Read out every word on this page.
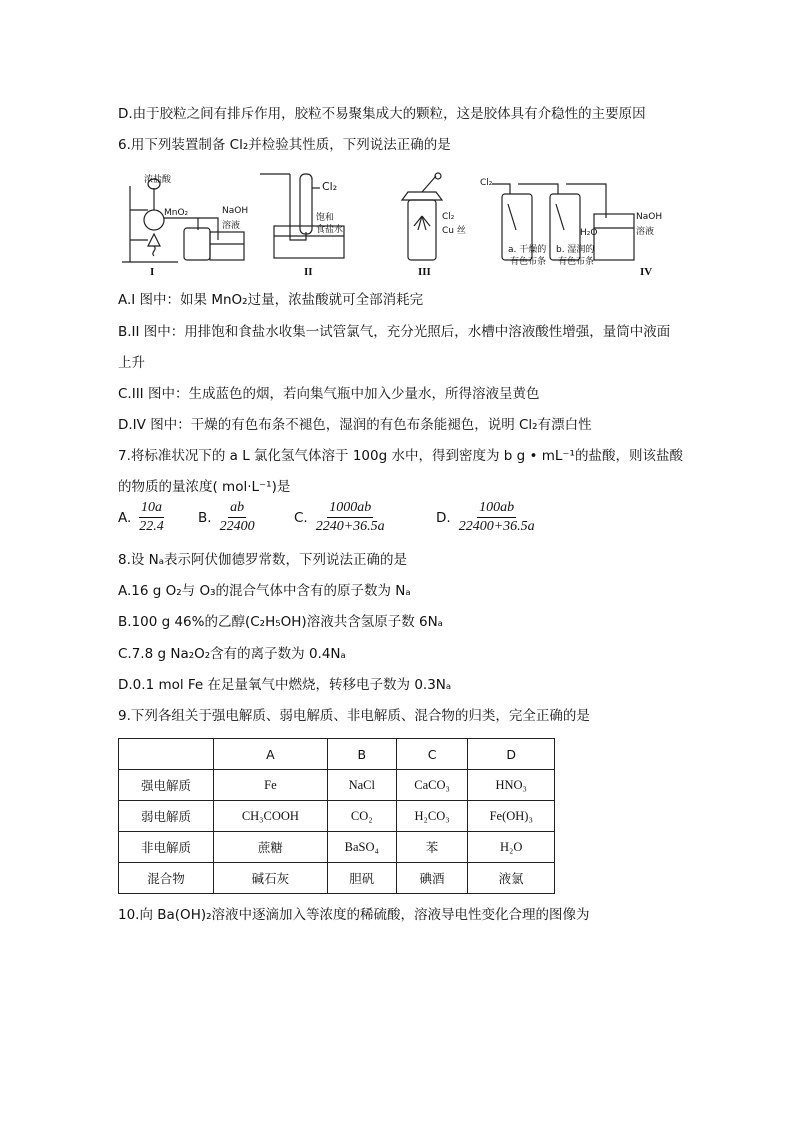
D.由于胶粒之间有排斥作用，胶粒不易聚集成大的颗粒，这是胶体具有介稳性的主要原因
6.用下列装置制备 Cl₂并检验其性质，下列说法正确的是
浓盐酸
MnO₂	NaOH
溶液
Cl₂
饱和
食盐水
Cl₂
Cu 丝
Cl₂
H₂O
NaOH
溶液
a. 干燥的 b. 湿润的
有色布条 有色布条
I	II	III	IV
A.I 图中：如果 MnO₂过量，浓盐酸就可全部消耗完
B.II 图中：用排饱和食盐水收集一试管氯气，充分光照后，水槽中溶液酸性增强，量筒中液面
上升
C.III 图中：生成蓝色的烟，若向集气瓶中加入少量水，所得溶液呈黄色
D.IV 图中：干燥的有色布条不褪色，湿润的有色布条能褪色，说明 Cl₂有漂白性
7.将标准状况下的 a L 氯化氢气体溶于 100g 水中，得到密度为 b g • mL⁻¹的盐酸，则该盐酸
的物质的量浓度( mol·L⁻¹)是
A. $\frac{10a}{22.4} B$. $\frac{ab}{22400}$	C. $\frac{1000ab}{2240+36.5a}$	D. $\frac{100ab}{22400+36.5a}$
8.设 Nₐ表示阿伏伽德罗常数，下列说法正确的是
A.16 g O₂与 O₃的混合气体中含有的原子数为 Nₐ
B.100 g 46%的乙醇(C₂H₅OH)溶液共含氢原子数 6Nₐ
C.7.8 g Na₂O₂含有的离子数为 0.4Nₐ
D.0.1 mol Fe 在足量氧气中燃烧，转移电子数为 0.3Nₐ
9.下列各组关于强电解质、弱电解质、非电解质、混合物的归类，完全正确的是
	A	B	C	D
强电解质	Fe	NaCl	CaCO₃	HNO₃
弱电解质	CH₃COOH	CO₂	H₂CO₃	Fe(OH)₃
非电解质	蔗糖	BaSO₄	苯	H₂O
混合物	碱石灰	胆矾	碘酒	液氯
10.向 Ba(OH)₂溶液中逐滴加入等浓度的稀硫酸，溶液导电性变化合理的图像为
